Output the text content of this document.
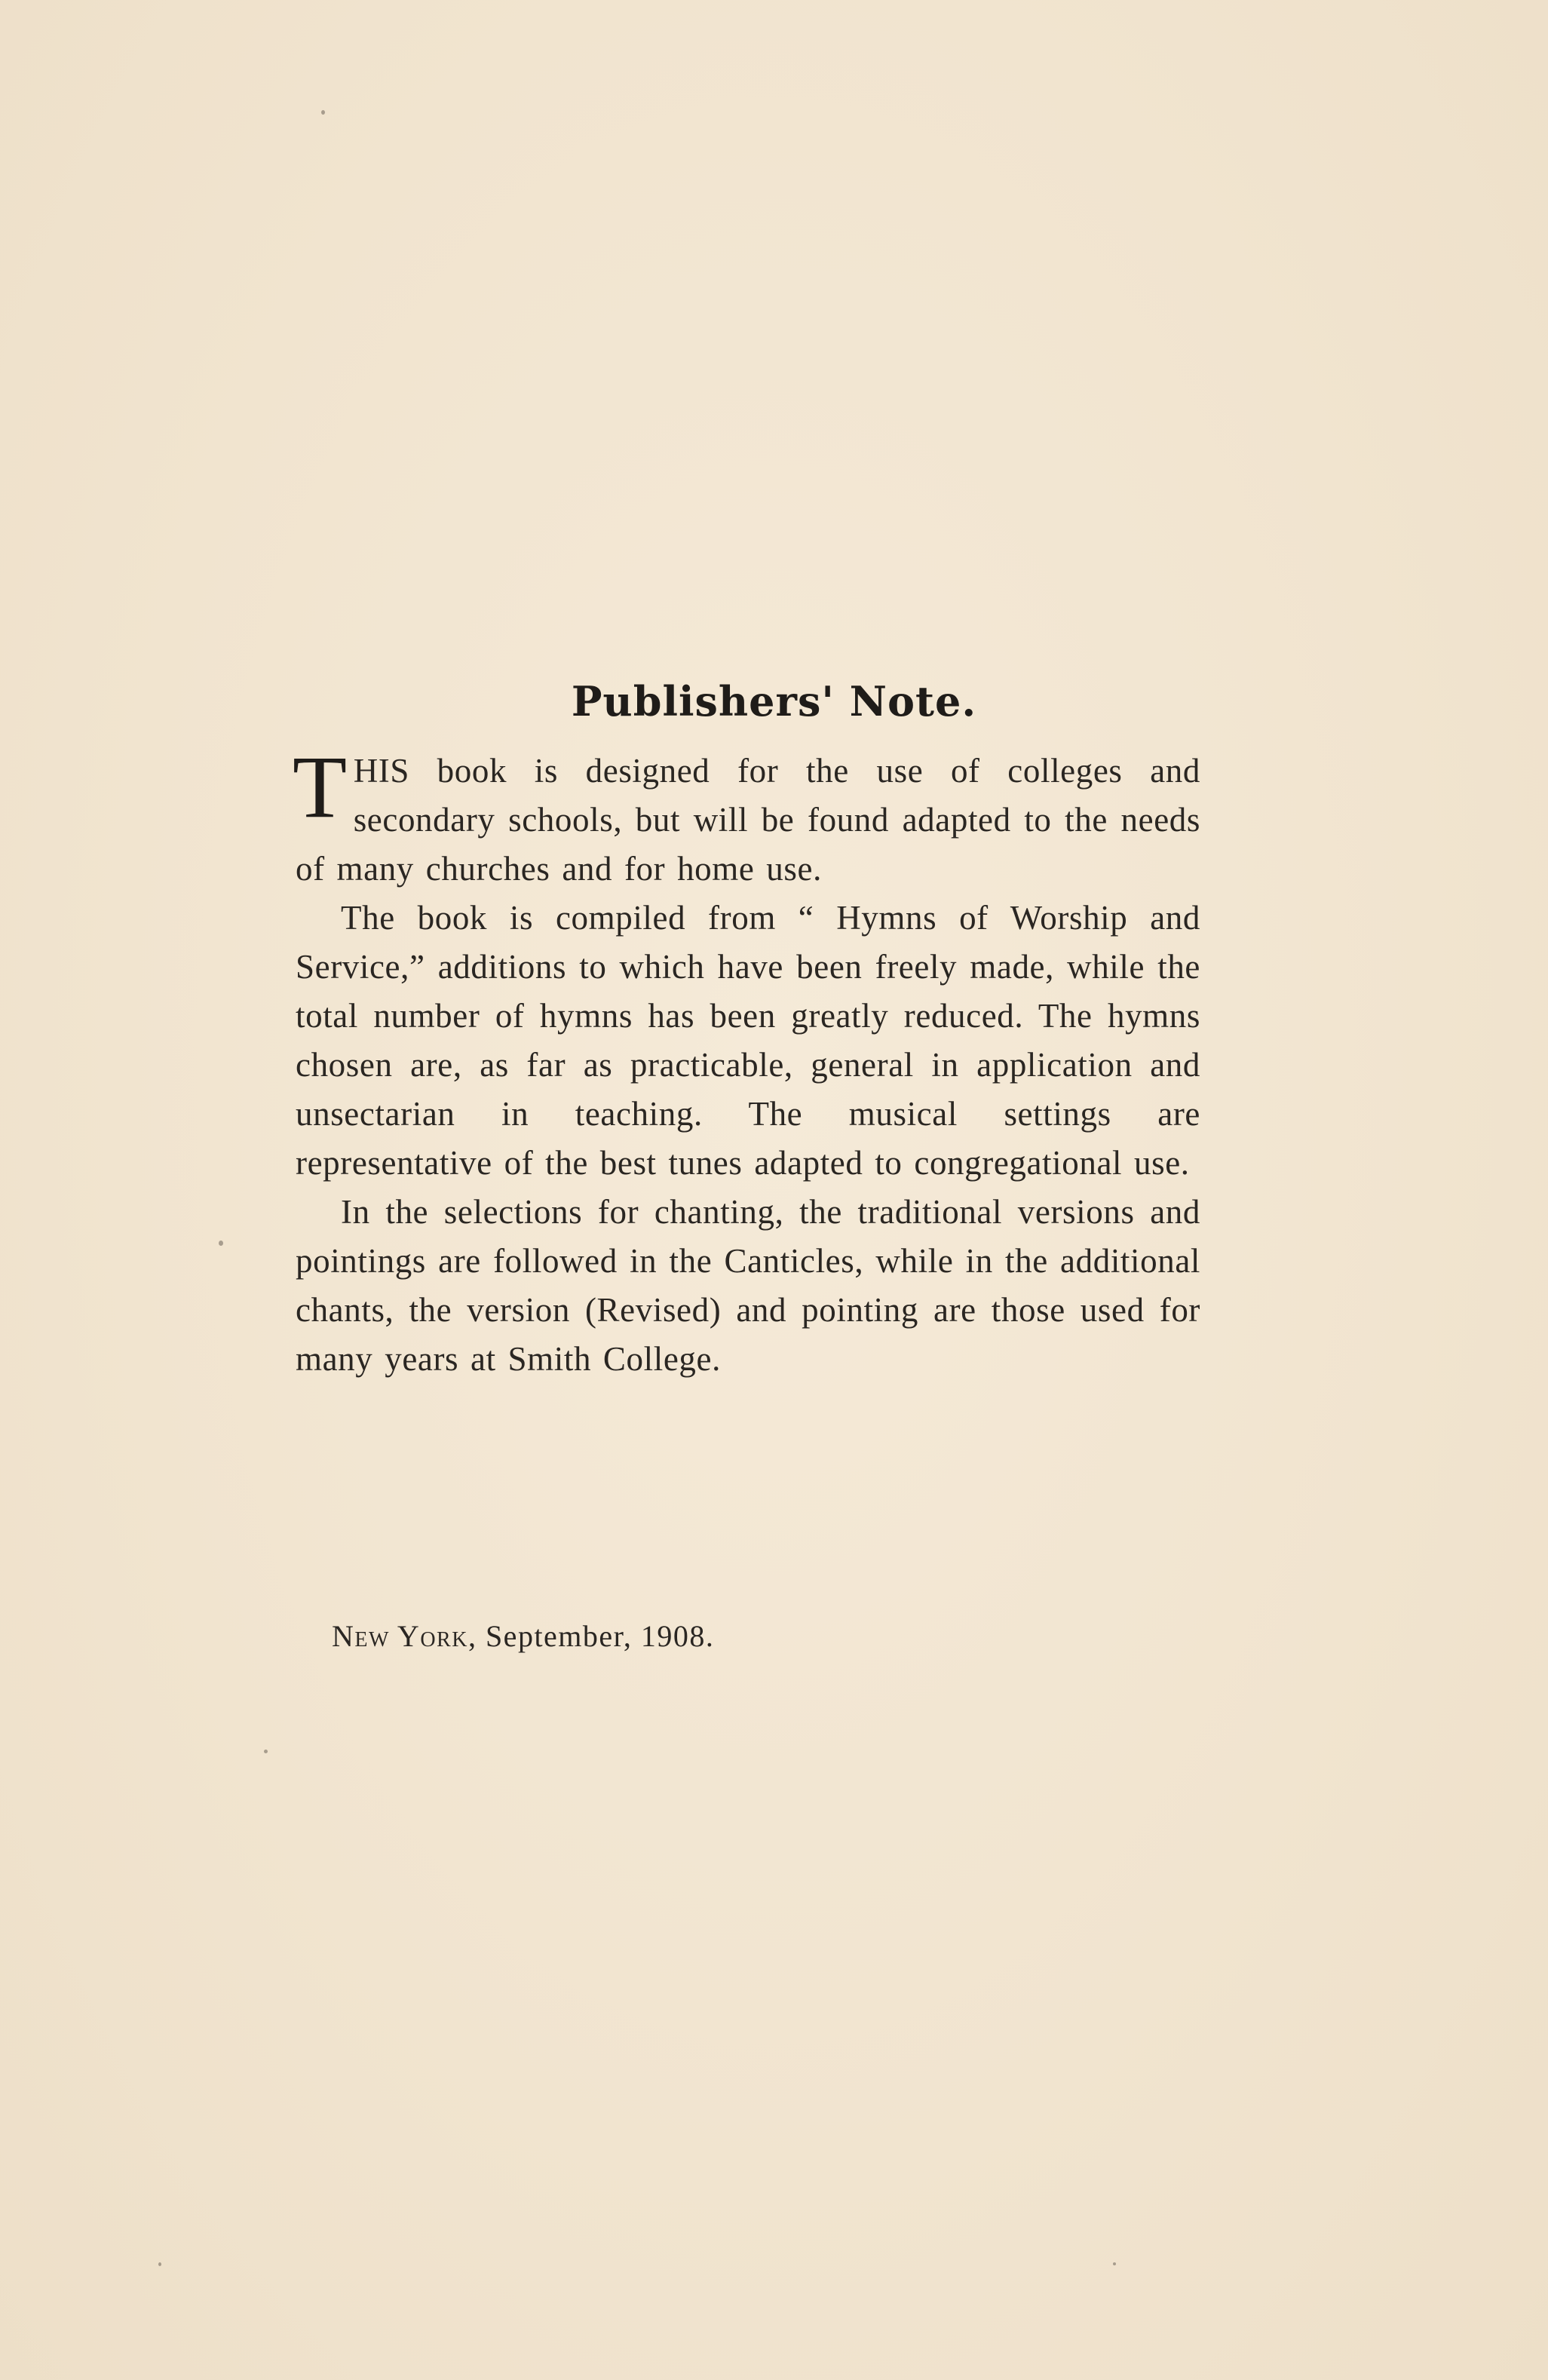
Publishers' Note.

THIS book is designed for the use of colleges and secondary schools, but will be found adapted to the needs of many churches and for home use.

The book is compiled from “ Hymns of Worship and Service,” additions to which have been freely made, while the total number of hymns has been greatly reduced. The hymns chosen are, as far as practicable, general in application and unsectarian in teaching. The musical settings are representative of the best tunes adapted to congregational use.

In the selections for chanting, the traditional versions and pointings are followed in the Canticles, while in the additional chants, the version (Revised) and pointing are those used for many years at Smith College.

New York, September, 1908.
